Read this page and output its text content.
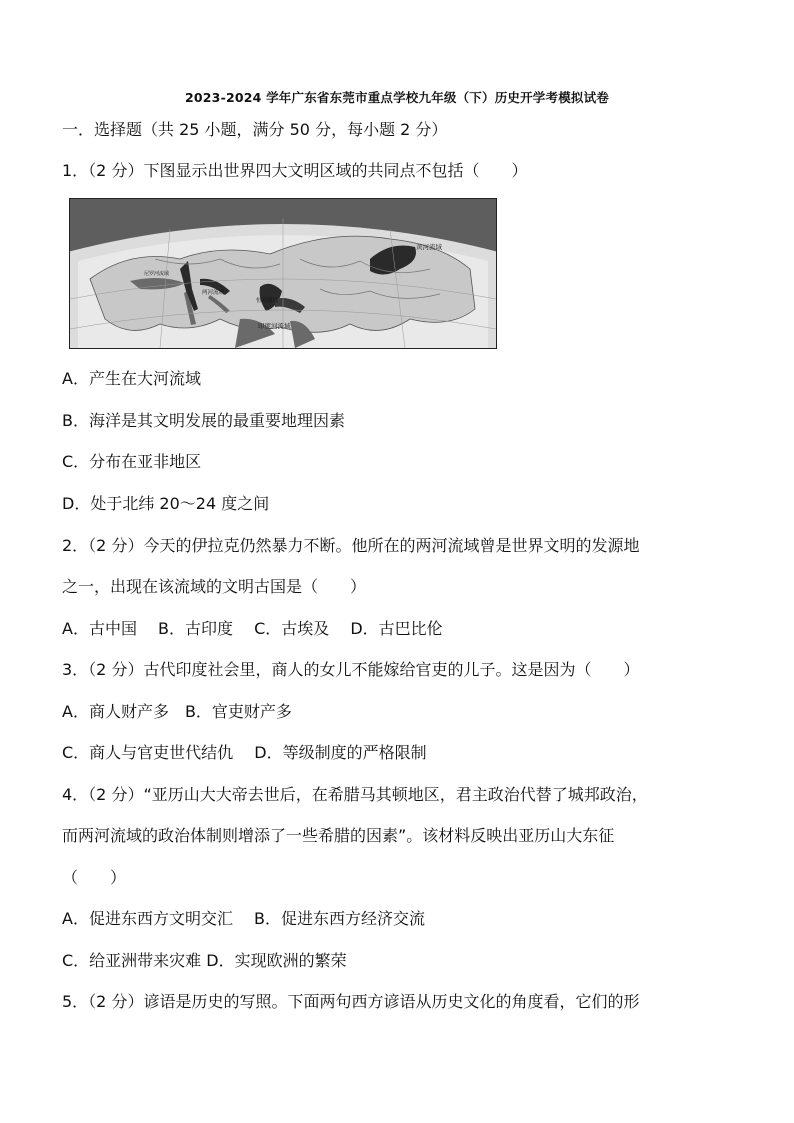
2023-2024 学年广东省东莞市重点学校九年级（下）历史开学考模拟试卷
一．选择题（共 25 小题，满分 50 分，每小题 2 分）
1．（2 分）下图显示出世界四大文明区域的共同点不包括（　　）
黄河流域
恒河流域
印度河流域
两河流域
尼罗河流域
A．产生在大河流域
B．海洋是其文明发展的最重要地理因素
C．分布在亚非地区
D．处于北纬 20～24 度之间
2．（2 分）今天的伊拉克仍然暴力不断。他所在的两河流域曾是世界文明的发源地
之一，出现在该流域的文明古国是（　　）
A．古中国　 B．古印度　 C．古埃及　 D．古巴比伦
3．（2 分）古代印度社会里，商人的女儿不能嫁给官吏的儿子。这是因为（　　）
A．商人财产多　B．官吏财产多
C．商人与官吏世代结仇　 D．等级制度的严格限制
4．（2 分）“亚历山大大帝去世后，在希腊马其顿地区，君主政治代替了城邦政治，
而两河流域的政治体制则增添了一些希腊的因素”。该材料反映出亚历山大东征
（　　）
A．促进东西方文明交汇　 B．促进东西方经济交流
C．给亚洲带来灾难 D．实现欧洲的繁荣
5．（2 分）谚语是历史的写照。下面两句西方谚语从历史文化的角度看，它们的形
